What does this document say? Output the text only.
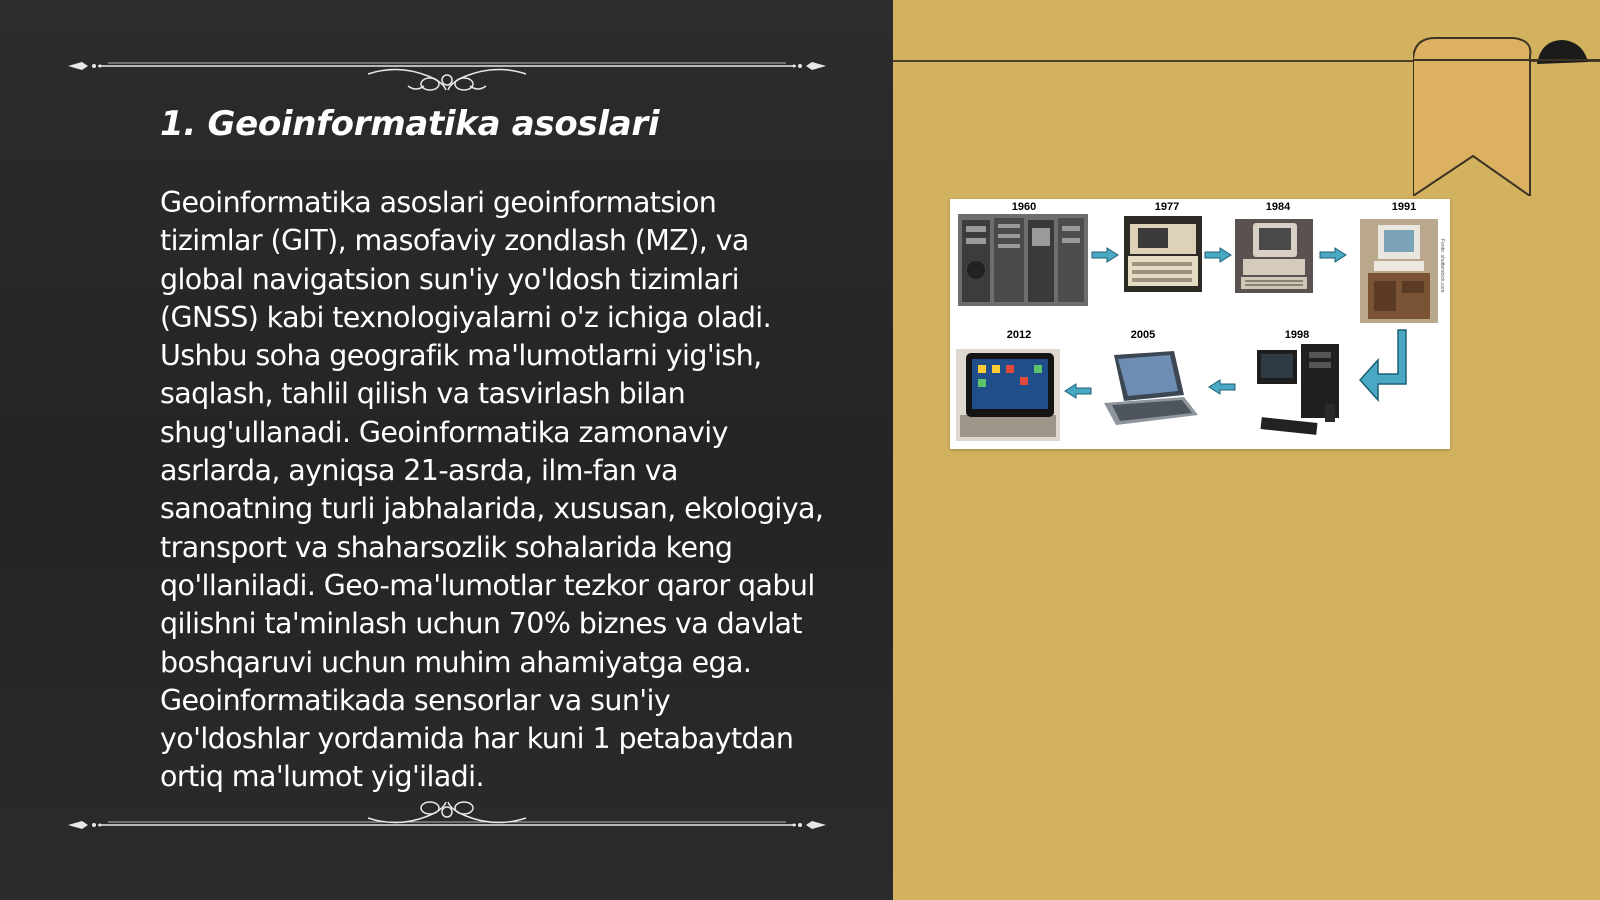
1. Geoinformatika asoslari

Geoinformatika asoslari geoinformatsion tizimlar (GIT), masofaviy zondlash (MZ), va global navigatsion sun'iy yo'ldosh tizimlari (GNSS) kabi texnologiyalarni o'z ichiga oladi. Ushbu soha geografik ma'lumotlarni yig'ish, saqlash, tahlil qilish va tasvirlash bilan shug'ullanadi. Geoinformatika zamonaviy asrlarda, ayniqsa 21-asrda, ilm-fan va sanoatning turli jabhalarida, xususan, ekologiya, transport va shaharsozlik sohalarida keng qo'llaniladi. Geo-ma'lumotlar tezkor qaror qabul qilishni ta'minlash uchun 70% biznes va davlat boshqaruvi uchun muhim ahamiyatga ega. Geoinformatikada sensorlar va sun'iy yo'ldoshlar yordamida har kuni 1 petabaytdan ortiq ma'lumot yig'iladi.

1960	1977	1984	1991
2012	2005	1998
Fonte: shutterstock.com
